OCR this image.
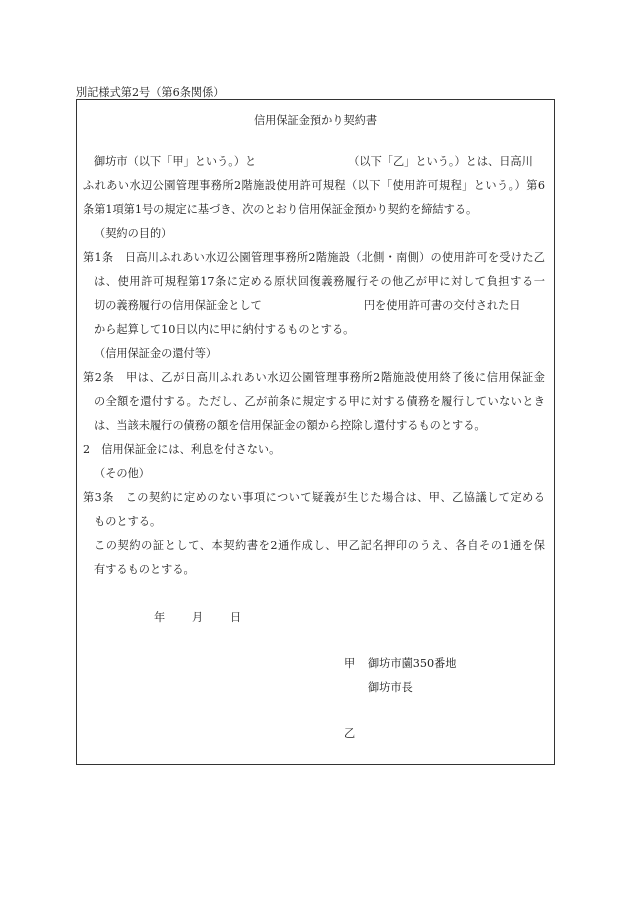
別記様式第2号（第6条関係）
信用保証金預かり契約書
御坊市（以下「甲」という。）と	（以下「乙」という。）とは、日高川
ふれあい水辺公園管理事務所2階施設使用許可規程（以下「使用許可規程」という。）第6
条第1項第1号の規定に基づき、次のとおり信用保証金預かり契約を締結する。
（契約の目的）
第1条　日高川ふれあい水辺公園管理事務所2階施設（北側・南側）の使用許可を受けた乙
は、使用許可規程第17条に定める原状回復義務履行その他乙が甲に対して負担する一
切の義務履行の信用保証金として	円を使用許可書の交付された日
から起算して10日以内に甲に納付するものとする。
（信用保証金の還付等）
第2条　甲は、乙が日高川ふれあい水辺公園管理事務所2階施設使用終了後に信用保証金
の全額を還付する。ただし、乙が前条に規定する甲に対する債務を履行していないとき
は、当該未履行の債務の額を信用保証金の額から控除し還付するものとする。
2　信用保証金には、利息を付さない。
（その他）
第3条　この契約に定めのない事項について疑義が生じた場合は、甲、乙協議して定める
ものとする。
この契約の証として、本契約書を2通作成し、甲乙記名押印のうえ、各自その1通を保
有するものとする。
年 月 日
甲 御坊市薗350番地
御坊市長
乙
